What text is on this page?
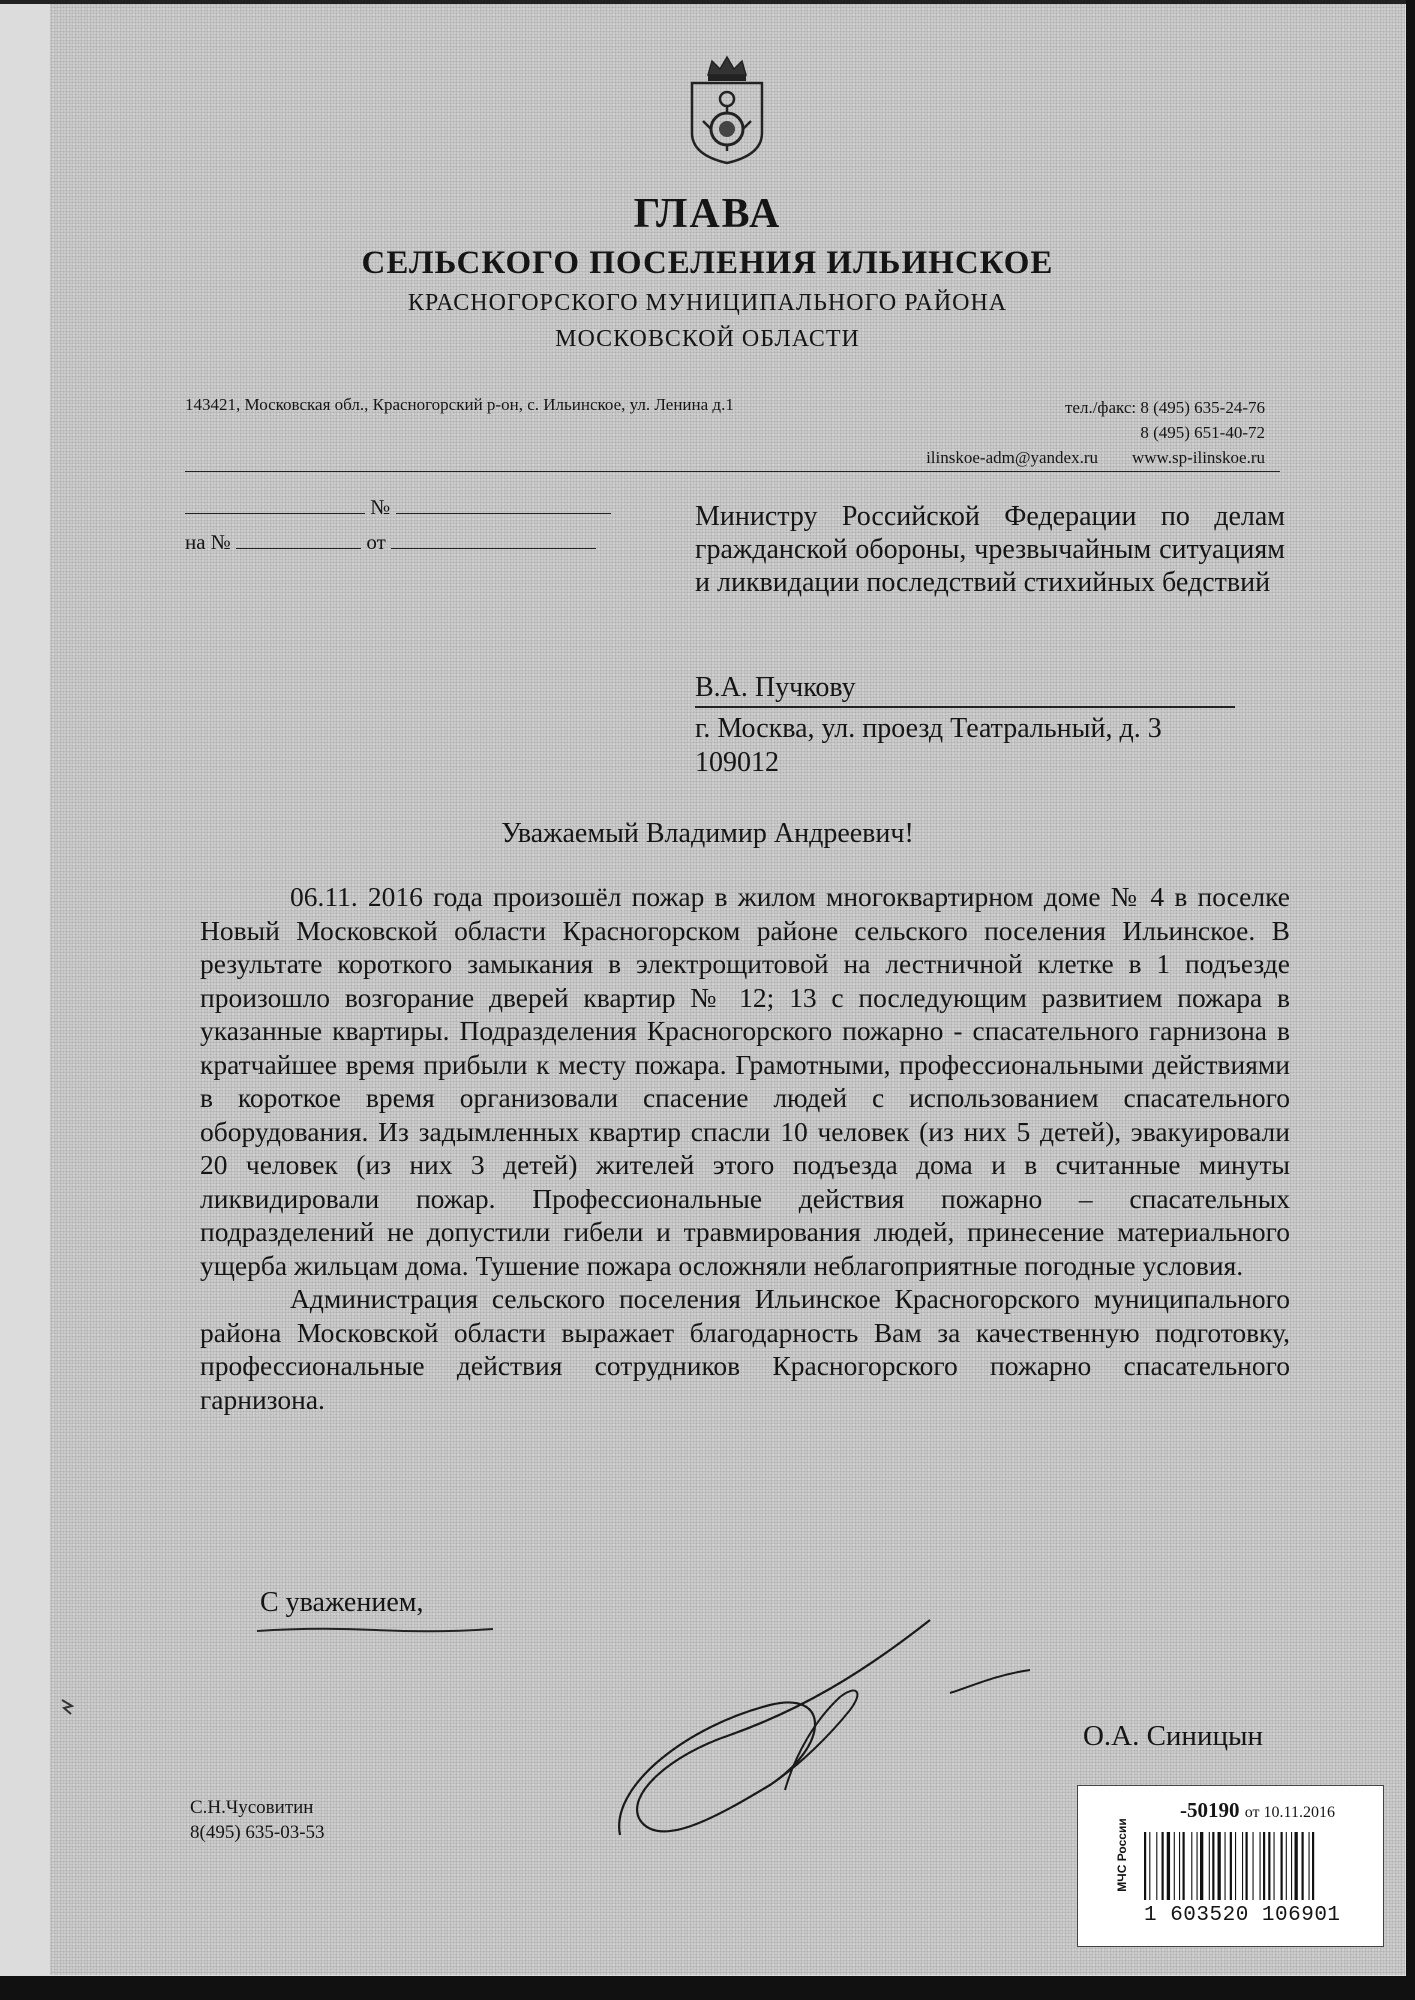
ГЛАВА
СЕЛЬСКОГО ПОСЕЛЕНИЯ ИЛЬИНСКОЕ
КРАСНОГОРСКОГО МУНИЦИПАЛЬНОГО РАЙОНА
МОСКОВСКОЙ ОБЛАСТИ
143421, Московская обл., Красногорский р-он, с. Ильинское, ул. Ленина д.1	тел./факс: 8 (495) 635-24-76
8 (495) 651-40-72
ilinskoe-adm@yandex.ru www.sp-ilinskoe.ru
№
на №	от
Министру Российской Федерации по делам гражданской обороны, чрезвычайным ситуациям и ликвидации последствий стихийных бедствий
В.А. Пучкову
г. Москва, ул. проезд Театральный, д. 3
109012
Уважаемый Владимир Андреевич!

06.11. 2016 года произошёл пожар в жилом многоквартирном доме № 4 в поселке Новый Московской области Красногорском районе сельского поселения Ильинское. В результате короткого замыкания в электрощитовой на лестничной клетке в 1 подъезде произошло возгорание дверей квартир № 12; 13 с последующим развитием пожара в указанные квартиры. Подразделения Красногорского пожарно - спасательного гарнизона в кратчайшее время прибыли к месту пожара. Грамотными, профессиональными действиями в короткое время организовали спасение людей с использованием спасательного оборудования. Из задымленных квартир спасли 10 человек (из них 5 детей), эвакуировали 20 человек (из них 3 детей) жителей этого подъезда дома и в считанные минуты ликвидировали пожар. Профессиональные действия пожарно – спасательных подразделений не допустили гибели и травмирования людей, принесение материального ущерба жильцам дома. Тушение пожара осложняли неблагоприятные погодные условия.

Администрация сельского поселения Ильинское Красногорского муниципального района Московской области выражает благодарность Вам за качественную подготовку, профессиональные действия сотрудников Красногорского пожарно спасательного гарнизона.

С уважением,
О.А. Синицын
С.Н.Чусовитин
8(495) 635-03-53	МЧС России
-50190 от 10.11.2016
1 603520 106901
